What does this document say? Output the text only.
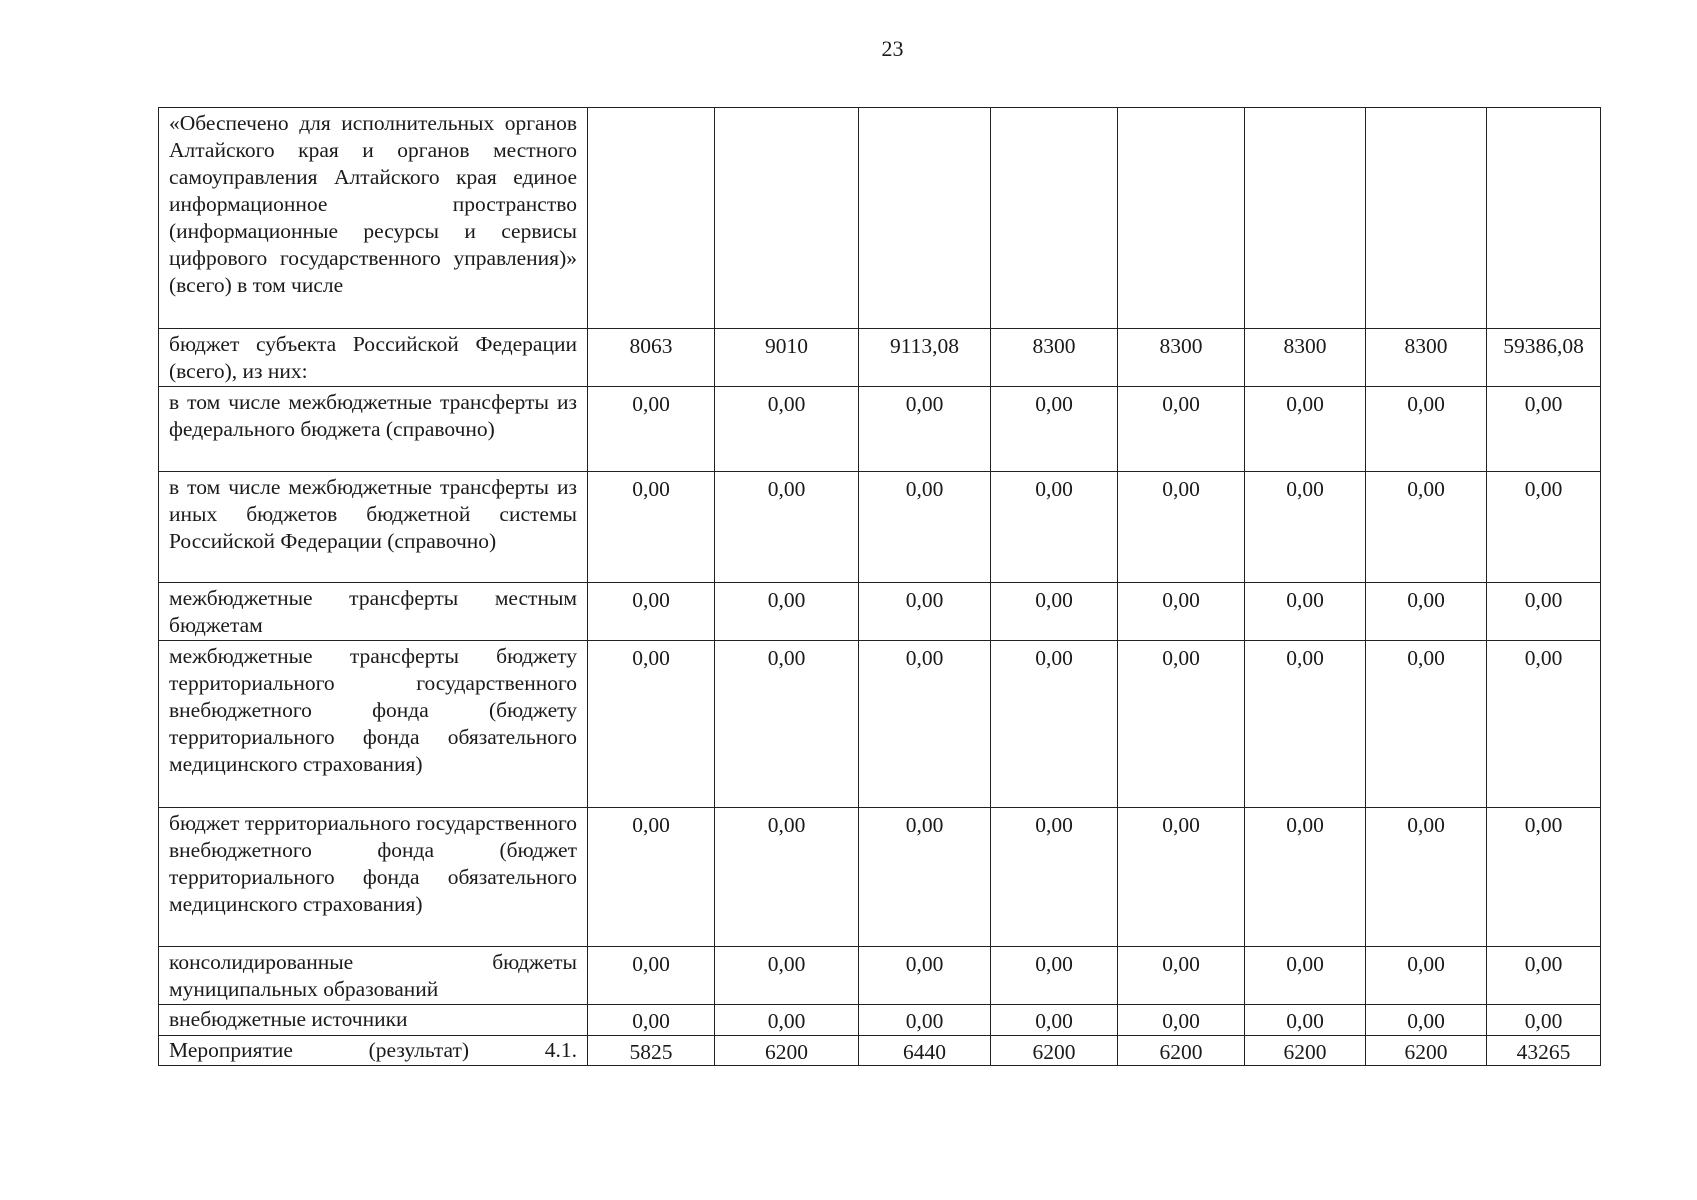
23
«Обеспечено для исполнительных органов Алтайского края и органов местного самоуправления Алтайского края единое информационное пространство (информационные ресурсы и сервисы цифрового государственного управления)» (всего) в том числе								
бюджет субъекта Российской Федерации (всего), из них:	8063	9010	9113,08	8300	8300	8300	8300	59386,08
в том числе межбюджетные трансферты из федерального бюджета (справочно)	0,00	0,00	0,00	0,00	0,00	0,00	0,00	0,00
в том числе межбюджетные трансферты из иных бюджетов бюджетной системы Российской Федерации (справочно)	0,00	0,00	0,00	0,00	0,00	0,00	0,00	0,00
межбюджетные трансферты местным бюджетам	0,00	0,00	0,00	0,00	0,00	0,00	0,00	0,00
межбюджетные трансферты бюджету территориального государственного внебюджетного фонда (бюджету территориального фонда обязательного медицинского страхования)	0,00	0,00	0,00	0,00	0,00	0,00	0,00	0,00
бюджет территориального государственного внебюджетного фонда (бюджет территориального фонда обязательного медицинского страхования)	0,00	0,00	0,00	0,00	0,00	0,00	0,00	0,00
консолидированные бюджеты муниципальных образований	0,00	0,00	0,00	0,00	0,00	0,00	0,00	0,00
внебюджетные источники	0,00	0,00	0,00	0,00	0,00	0,00	0,00	0,00
Мероприятие (результат) 4.1.	5825	6200	6440	6200	6200	6200	6200	43265
